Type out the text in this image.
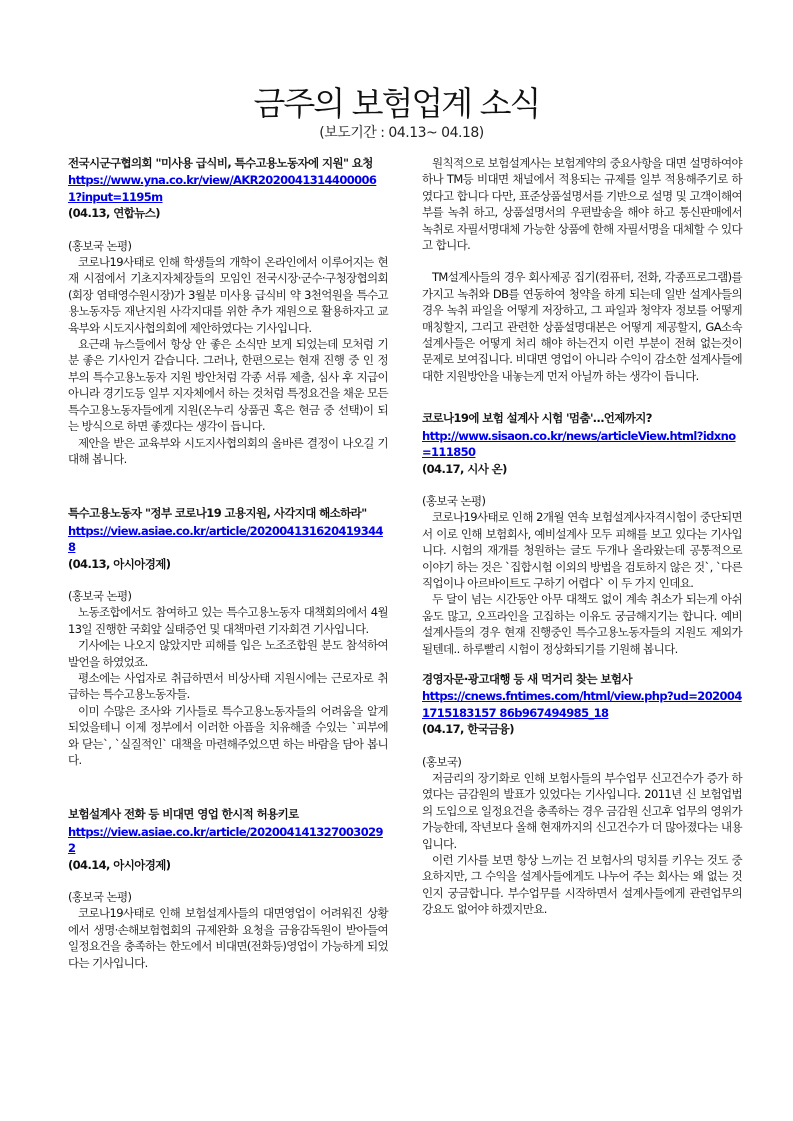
금주의 보험업계 소식
(보도기간 : 04.13~ 04.18)
전국시군구협의회 "미사용 급식비, 특수고용노동자에 지원" 요청
https://www.yna.co.kr/view/AKR20200413144000061?input=1195m
(04.13, 연합뉴스)
(홍보국 논평)

코로나19사태로 인해 학생들의 개학이 온라인에서 이루어지는 현재 시점에서 기초지자체장들의 모임인 전국시장·군수·구청장협의회(회장 염태영수원시장)가 3월분 미사용 급식비 약 3천억원을 특수고용노동자등 재난지원 사각지대를 위한 추가 재원으로 활용하자고 교육부와 시도지사협의회에 제안하였다는 기사입니다.

요근래 뉴스들에서 항상 안 좋은 소식만 보게 되었는데 모처럼 기분 좋은 기사인거 같습니다. 그러나, 한편으로는 현재 진행 중 인 정부의 특수고용노동자 지원 방안처럼 각종 서류 제출, 심사 후 지급이 아니라 경기도등 일부 지자체에서 하는 것처럼 특정요건을 채운 모든 특수고용노동자들에게 지원(온누리 상품권 혹은 현금 중 선택)이 되는 방식으로 하면 좋겠다는 생각이 듭니다.

제안을 받은 교육부와 시도지사협의회의 올바른 결정이 나오길 기대해 봅니다.

특수고용노동자 "정부 코로나19 고용지원, 사각지대 해소하라"
https://view.asiae.co.kr/article/2020041316204193448
(04.13, 아시아경제)
(홍보국 논평)

노동조합에서도 참여하고 있는 특수고용노동자 대책회의에서 4월 13일 진행한 국회앞 실태증언 및 대책마련 기자회견 기사입니다.

기사에는 나오지 않았지만 피해를 입은 노조조합원 분도 참석하여 발언을 하였었죠.

평소에는 사업자로 취급하면서 비상사태 지원시에는 근로자로 취급하는 특수고용노동자들.

이미 수많은 조사와 기사들로 특수고용노동자들의 어려움을 알게 되었을테니 이제 정부에서 이러한 아픔을 치유해줄 수있는 `피부에 와 닫는`, `실질적인` 대책을 마련해주었으면 하는 바람을 담아 봅니다.

보험설계사 전화 등 비대면 영업 한시적 허용키로
https://view.asiae.co.kr/article/2020041413270030292
(04.14, 아시아경제)
(홍보국 논평)

코로나19사태로 인해 보험설계사들의 대면영업이 어려워진 상황에서 생명·손해보험협회의 규제완화 요청을 금융감독원이 받아들여 일정요건을 충족하는 한도에서 비대면(전화등)영업이 가능하게 되었다는 기사입니다.

원칙적으로 보험설계사는 보험계약의 중요사항을 대면 설명하여야 하나 TM등 비대면 채널에서 적용되는 규제를 일부 적용해주기로 하였다고 합니다 다만, 표준상품설명서를 기반으로 설명 및 고객이해여부를 녹취 하고, 상품설명서의 우편발송을 해야 하고 통신판매에서 녹취로 자필서명대체 가능한 상품에 한해 자필서명을 대체할 수 있다고 합니다.

TM설계사들의 경우 회사제공 집기(컴퓨터, 전화, 각종프로그램)를 가지고 녹취와 DB를 연동하여 청약을 하게 되는데 일반 설계사들의 경우 녹취 파일을 어떻게 저장하고, 그 파일과 청약자 정보를 어떻게 매칭할지, 그리고 관련한 상품설명대본은 어떻게 제공할지, GA소속 설계사들은 어떻게 처리 해야 하는건지 이런 부분이 전혀 없는것이 문제로 보여집니다. 비대면 영업이 아니라 수익이 감소한 설계사들에 대한 지원방안을 내놓는게 먼저 아닐까 하는 생각이 듭니다.

코로나19에 보험 설계사 시험 '멈춤'…언제까지?
http://www.sisaon.co.kr/news/articleView.html?idxno=111850
(04.17, 시사 온)
(홍보국 논평)

코로나19사태로 인해 2개월 연속 보험설계사자격시험이 중단되면서 이로 인해 보험회사, 예비설계사 모두 피해를 보고 있다는 기사입니다. 시험의 재개를 청원하는 글도 두개나 올라왔는데 공통적으로 이야기 하는 것은 `집합시험 이외의 방법을 검토하지 않은 것`, `다른 직업이나 아르바이트도 구하기 어렵다` 이 두 가지 인데요.

두 달이 넘는 시간동안 아무 대책도 없이 계속 취소가 되는게 아쉬움도 많고, 오프라인을 고집하는 이유도 궁금해지기는 합니다. 예비설계사들의 경우 현재 진행중인 특수고용노동자들의 지원도 제외가 될텐데.. 하루빨리 시험이 정상화되기를 기원해 봅니다.

경영자문·광고대행 등 새 먹거리 찾는 보험사
https://cnews.fntimes.com/html/view.php?ud=2020041715183157 86b967494985_18
(04.17, 한국금융)
(홍보국)

저금리의 장기화로 인해 보험사들의 부수업무 신고건수가 증가 하였다는 금감원의 발표가 있었다는 기사입니다. 2011년 신 보험업법의 도입으로 일정요건을 충족하는 경우 금감원 신고후 업무의 영위가 가능한데, 작년보다 올해 현재까지의 신고건수가 더 많아졌다는 내용입니다.

이런 기사를 보면 항상 느끼는 건 보험사의 덩치를 키우는 것도 중요하지만, 그 수익을 설계사들에게도 나누어 주는 회사는 왜 없는 것 인지 궁금합니다. 부수업무를 시작하면서 설계사들에게 관련업무의 강요도 없어야 하겠지만요.
